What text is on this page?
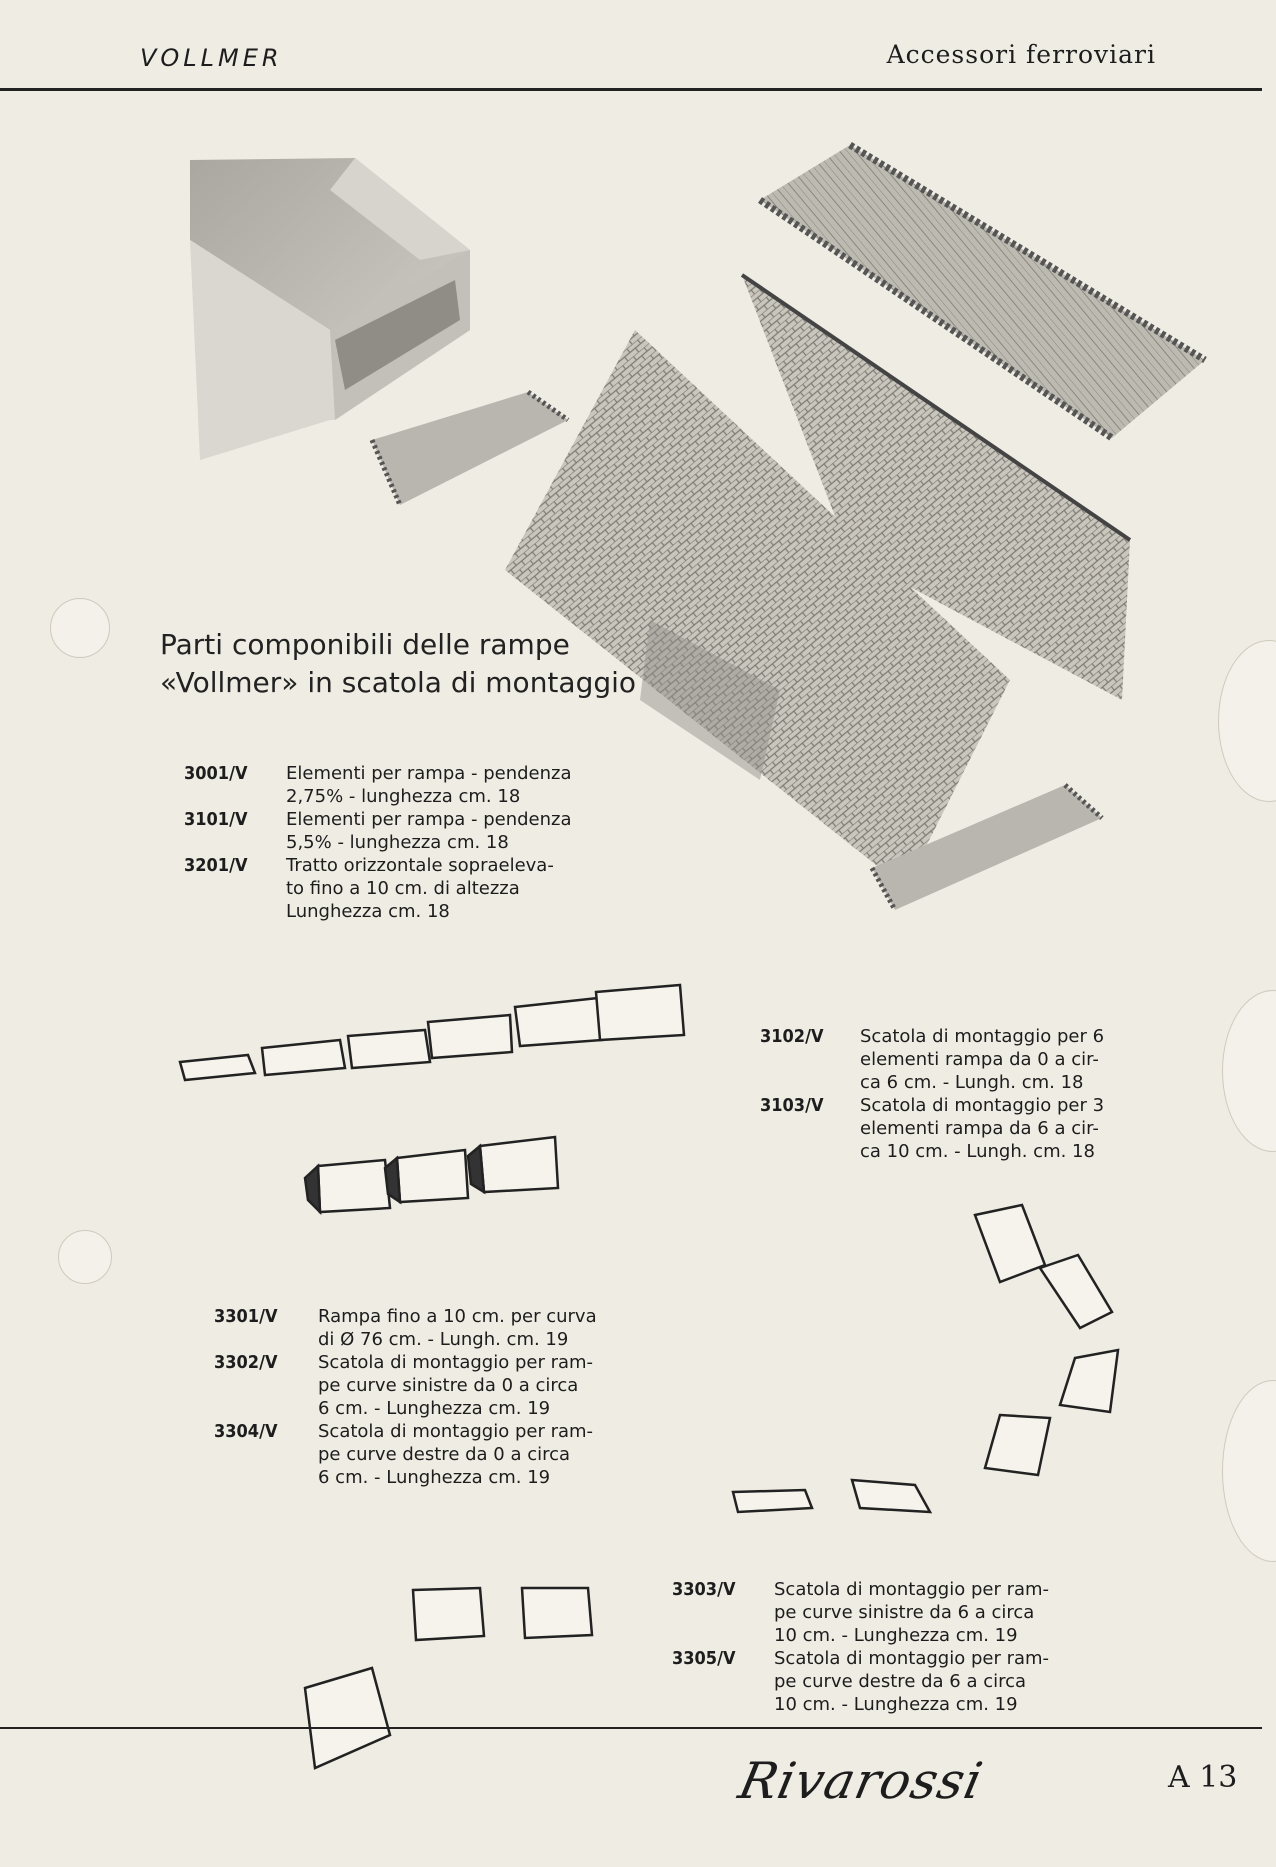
VOLLMER	Accessori ferroviari
Parti componibili delle rampe
«Vollmer» in scatola di montaggio
3001/V	Elementi per rampa - pendenza
2,75% - lunghezza cm. 18
3101/V	Elementi per rampa - pendenza
5,5% - lunghezza cm. 18
3201/V	Tratto orizzontale sopraeleva-
to fino a 10 cm. di altezza
Lunghezza cm. 18
3102/V	Scatola di montaggio per 6
elementi rampa da 0 a cir-
ca 6 cm. - Lungh. cm. 18
3103/V	Scatola di montaggio per 3
elementi rampa da 6 a cir-
ca 10 cm. - Lungh. cm. 18
3301/V	Rampa fino a 10 cm. per curva
di Ø 76 cm. - Lungh. cm. 19
3302/V	Scatola di montaggio per ram-
pe curve sinistre da 0 a circa
6 cm. - Lunghezza cm. 19
3304/V	Scatola di montaggio per ram-
pe curve destre da 0 a circa
6 cm. - Lunghezza cm. 19
3303/V	Scatola di montaggio per ram-
pe curve sinistre da 6 a circa
10 cm. - Lunghezza cm. 19
3305/V	Scatola di montaggio per ram-
pe curve destre da 6 a circa
10 cm. - Lunghezza cm. 19
Rivarossi	A 13
